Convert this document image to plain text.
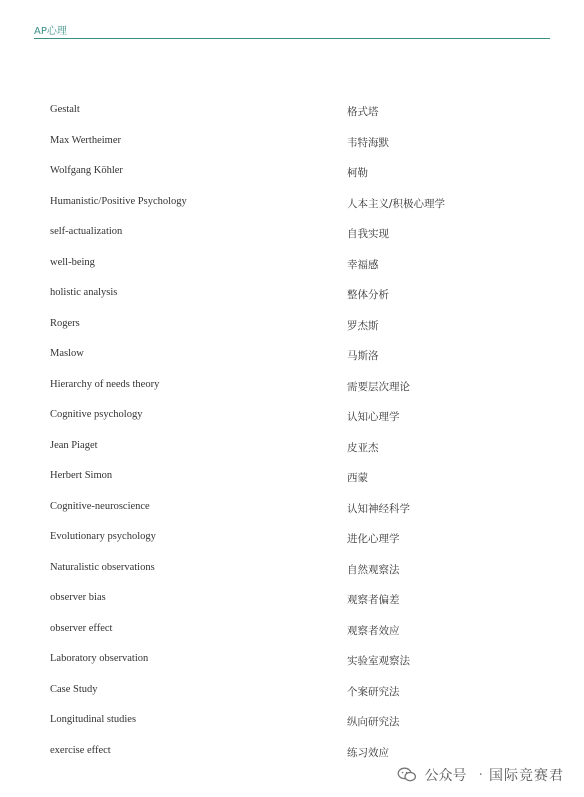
AP心理
Gestalt	格式塔
Max Wertheimer	韦特海默
Wolfgang Köhler	柯勒
Humanistic/Positive Psychology	人本主义/积极心理学
self-actualization	自我实现
well-being	幸福感
holistic analysis	整体分析
Rogers	罗杰斯
Maslow	马斯洛
Hierarchy of needs theory	需要层次理论
Cognitive psychology	认知心理学
Jean Piaget	皮亚杰
Herbert Simon	西蒙
Cognitive-neuroscience	认知神经科学
Evolutionary psychology	进化心理学
Naturalistic observations	自然观察法
observer bias	观察者偏差
observer effect	观察者效应
Laboratory observation	实验室观察法
Case Study	个案研究法
Longitudinal studies	纵向研究法
exercise effect	练习效应
公众号 · 国际竞赛君
